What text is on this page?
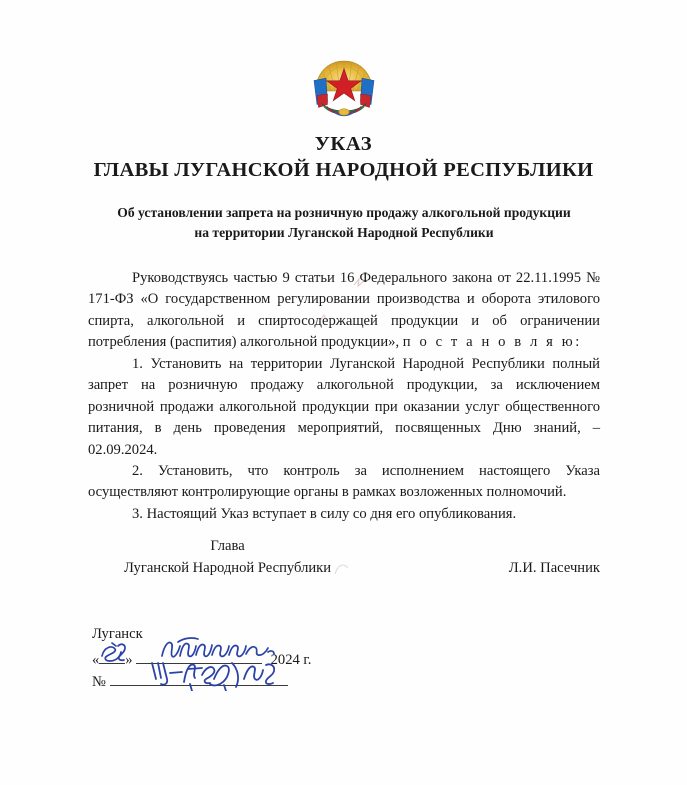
УКАЗ
ГЛАВЫ ЛУГАНСКОЙ НАРОДНОЙ РЕСПУБЛИКИ
Об установлении запрета на розничную продажу алкогольной продукции
на территории Луганской Народной Республики

Руководствуясь частью 9 статьи 16 Федерального закона от 22.11.1995 № 171-ФЗ «О государственном регулировании производства и оборота этилового спирта, алкогольной и спиртосодержащей продукции и об ограничении потребления (распития) алкогольной продукции», п о с т а н о в л я ю:

1. Установить на территории Луганской Народной Республики полный запрет на розничную продажу алкогольной продукции, за исключением розничной продажи алкогольной продукции при оказании услуг общественного питания, в день проведения мероприятий, посвященных Дню знаний, – 02.09.2024.

2. Установить, что контроль за исполнением настоящего Указа осуществляют контролирующие органы в рамках возложенных полномочий.

3. Настоящий Указ вступает в силу со дня его опубликования.

Глава
Луганской Народной Республики	Л.И. Пасечник
Луганск
« »	2024 г.
№
